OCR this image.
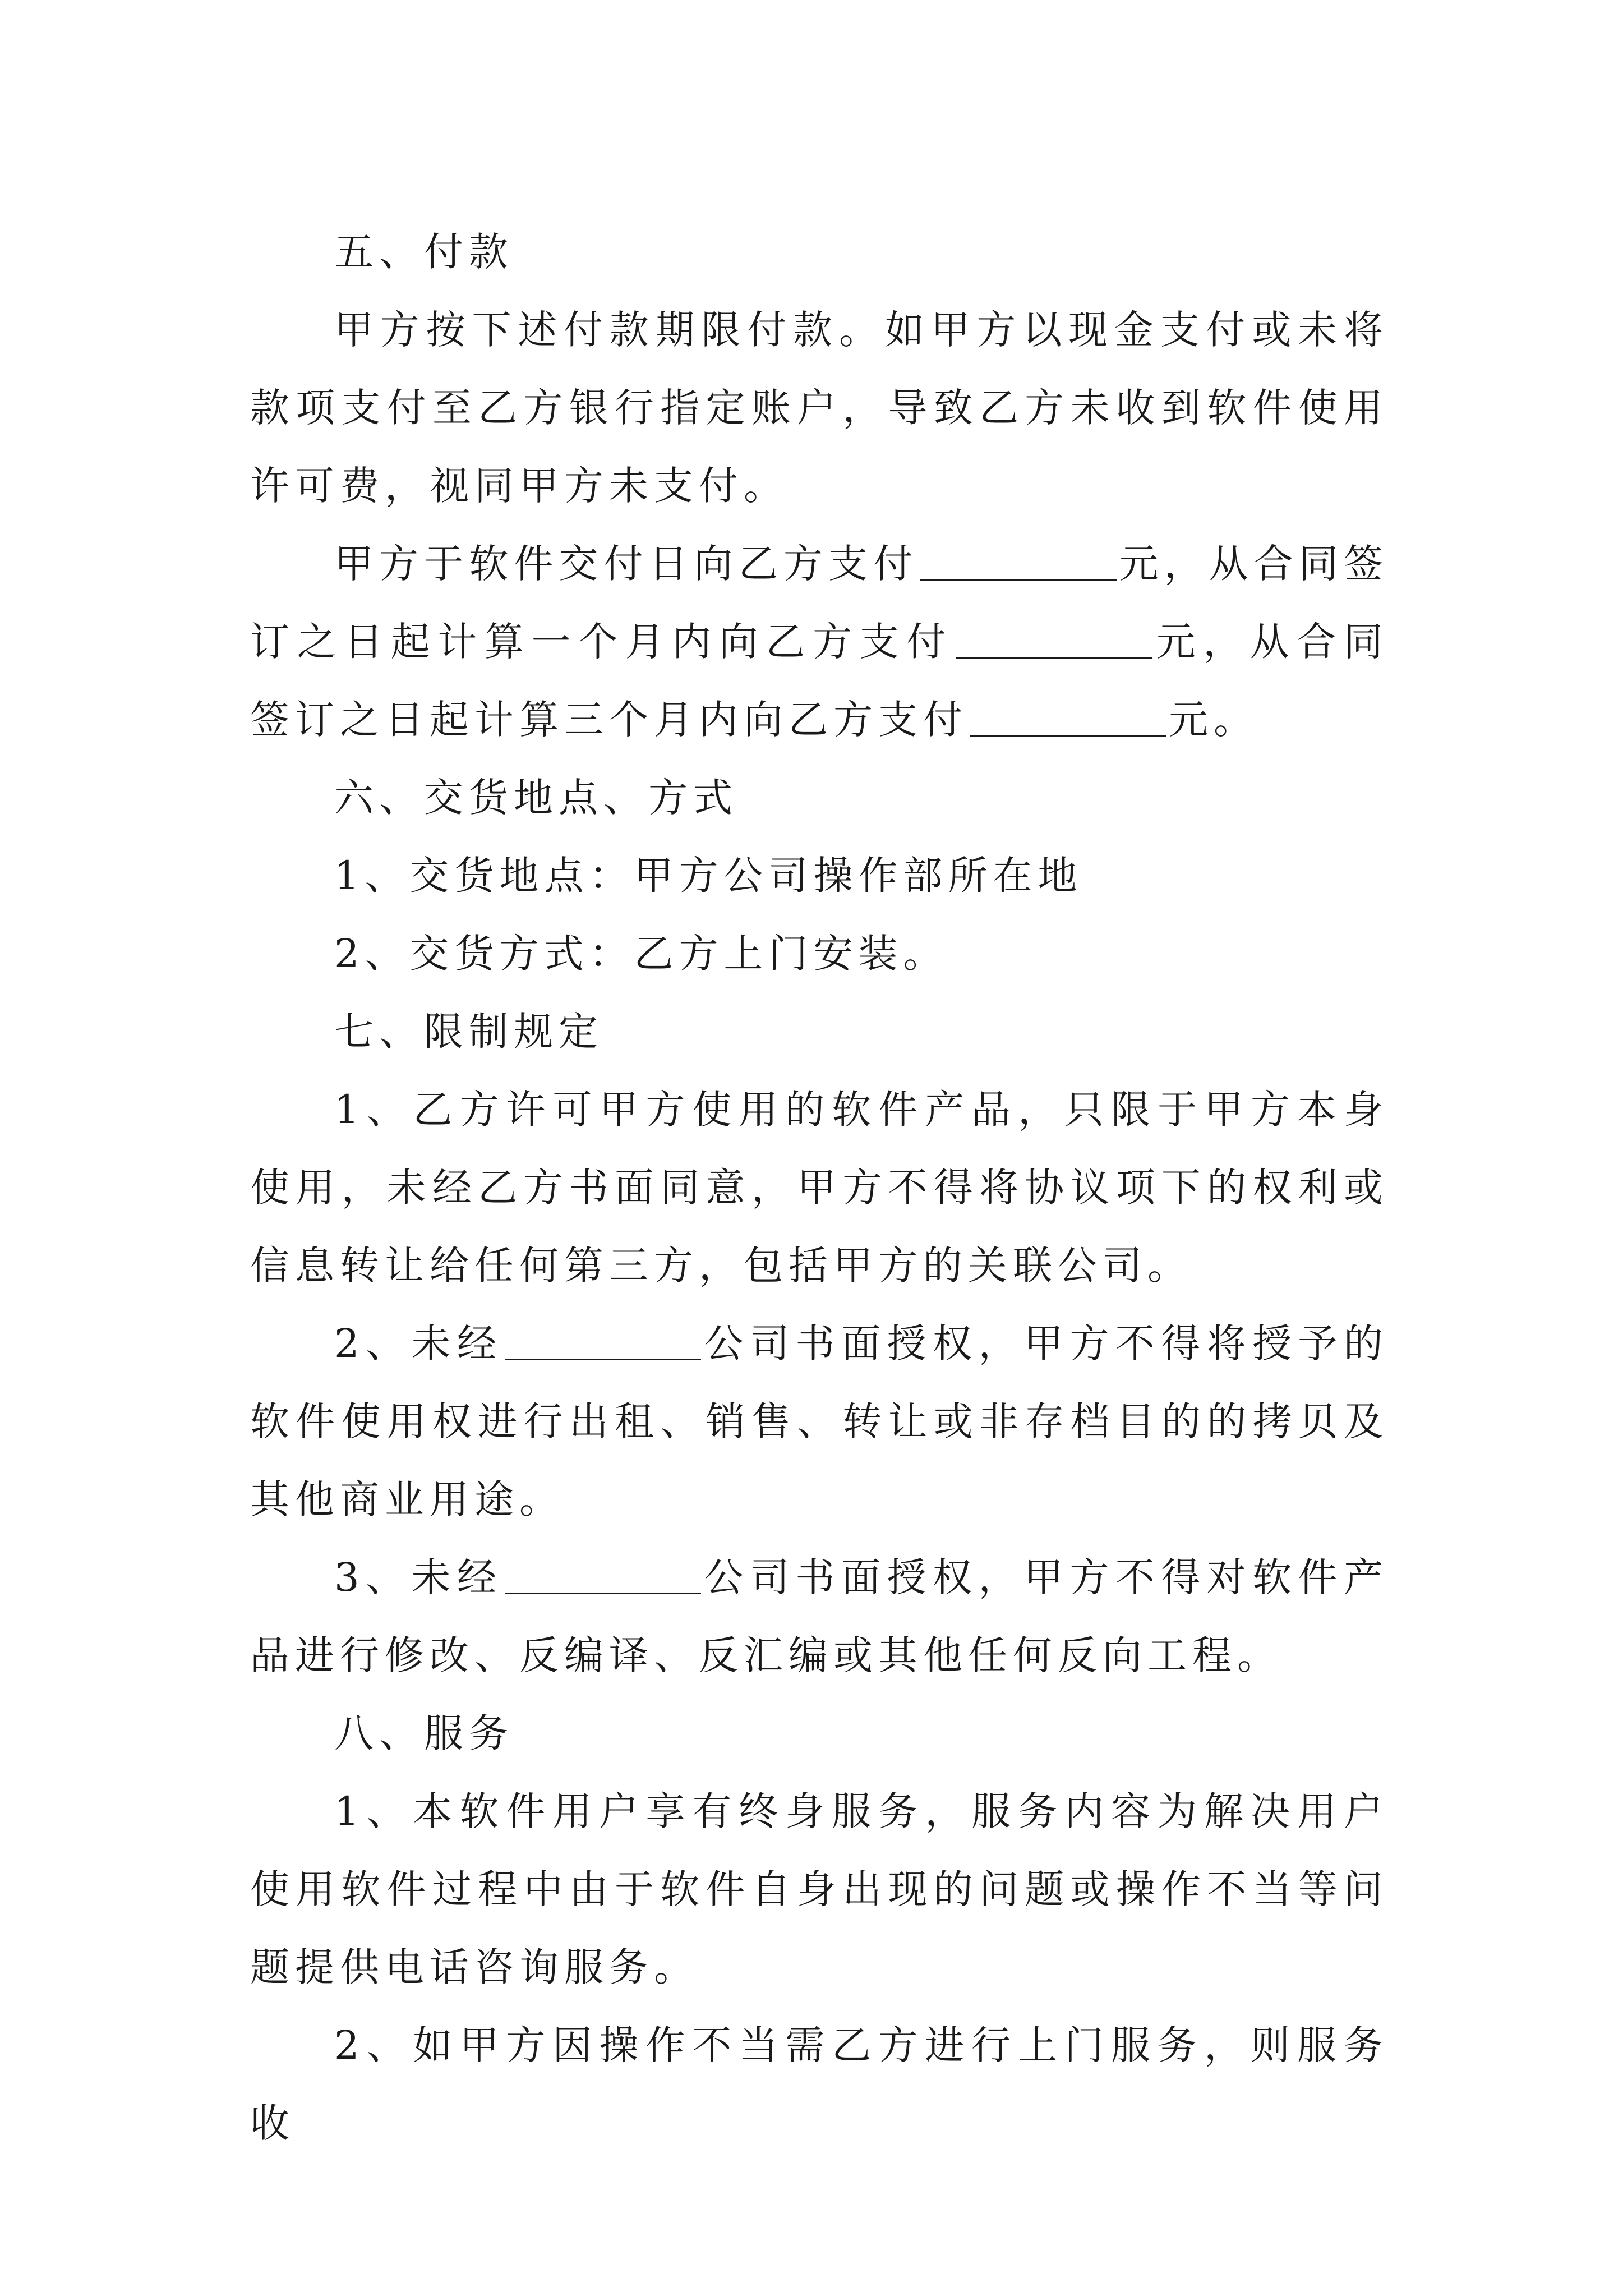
五、付款

甲方按下述付款期限付款。如甲方以现金支付或未将款项支付至乙方银行指定账户，导致乙方未收到软件使用许可费，视同甲方未支付。

甲方于软件交付日向乙方支付	元，从合同签订之日起计算一个月内向乙方支付	元，从合同签订之日起计算三个月内向乙方支付	元。

六、交货地点、方式

1、交货地点：甲方公司操作部所在地

2、交货方式：乙方上门安装。

七、限制规定

1、乙方许可甲方使用的软件产品，只限于甲方本身使用，未经乙方书面同意，甲方不得将协议项下的权利或信息转让给任何第三方，包括甲方的关联公司。

2、未经	公司书面授权，甲方不得将授予的软件使用权进行出租、销售、转让或非存档目的的拷贝及其他商业用途。

3、未经	公司书面授权，甲方不得对软件产品进行修改、反编译、反汇编或其他任何反向工程。

八、服务

1、本软件用户享有终身服务，服务内容为解决用户使用软件过程中由于软件自身出现的问题或操作不当等问题提供电话咨询服务。

2、如甲方因操作不当需乙方进行上门服务，则服务收
